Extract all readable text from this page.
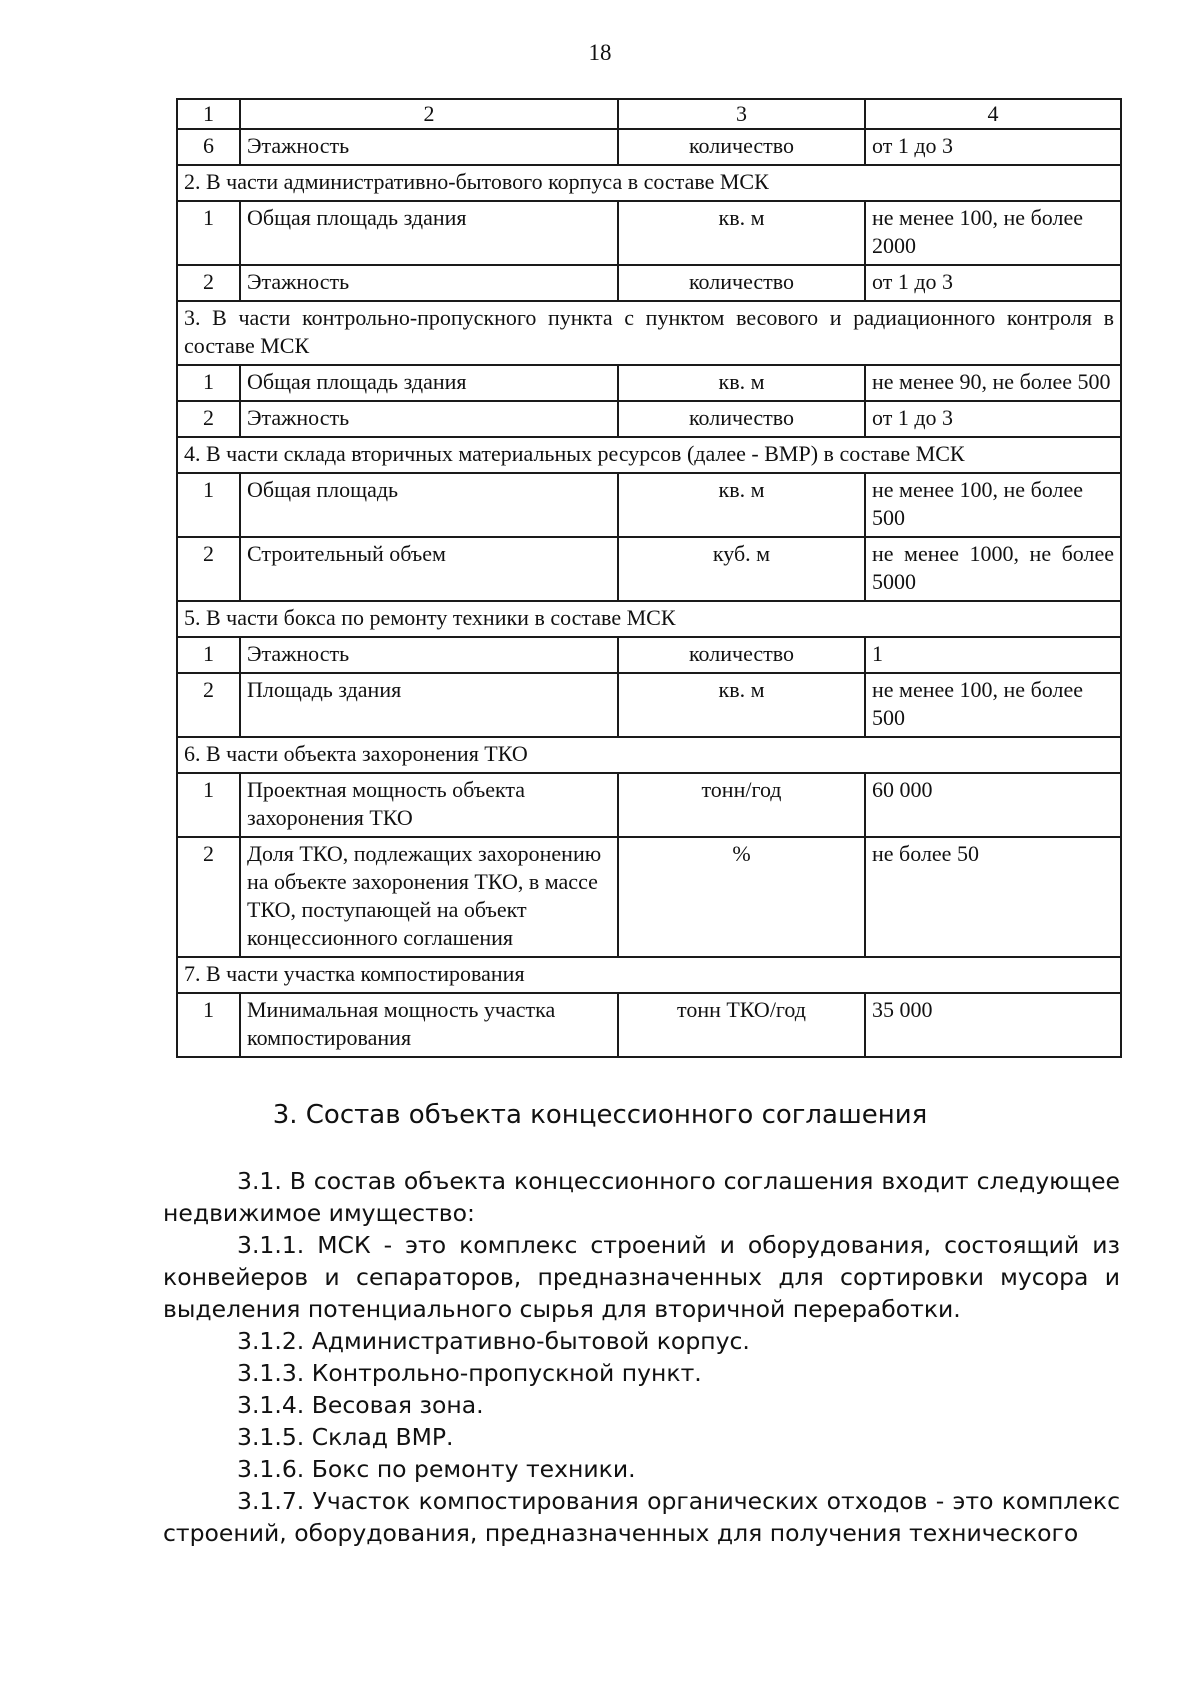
18
1	2	3	4
6	Этажность	количество	от 1 до 3
2. В части административно-бытового корпуса в составе МСК			
1	Общая площадь здания	кв. м	не менее 100, не более 2000
2	Этажность	количество	от 1 до 3
3. В части контрольно-пропускного пункта с пунктом весового и радиационного контроля в составе МСК			
1	Общая площадь здания	кв. м	не менее 90, не более 500
2	Этажность	количество	от 1 до 3
4. В части склада вторичных материальных ресурсов (далее - ВМР) в составе МСК			
1	Общая площадь	кв. м	не менее 100, не более 500
2	Строительный объем	куб. м	не менее 1000, не более 5000
5. В части бокса по ремонту техники в составе МСК			
1	Этажность	количество	1
2	Площадь здания	кв. м	не менее 100, не более 500
6. В части объекта захоронения ТКО			
1	Проектная мощность объекта захоронения ТКО	тонн/год	60 000
2	Доля ТКО, подлежащих захоронению на объекте захоронения ТКО, в массе ТКО, поступающей на объект концессионного соглашения	%	не более 50
7. В части участка компостирования			
1	Минимальная мощность участка компостирования	тонн ТКО/год	35 000
3. Состав объекта концессионного соглашения

3.1. В состав объекта концессионного соглашения входит следующее недвижимое имущество:

3.1.1. МСК - это комплекс строений и оборудования, состоящий из конвейеров и сепараторов, предназначенных для сортировки мусора и выделения потенциального сырья для вторичной переработки.

3.1.2. Административно-бытовой корпус.

3.1.3. Контрольно-пропускной пункт.

3.1.4. Весовая зона.

3.1.5. Склад ВМР.

3.1.6. Бокс по ремонту техники.

3.1.7. Участок компостирования органических отходов - это комплекс строений, оборудования, предназначенных для получения технического
